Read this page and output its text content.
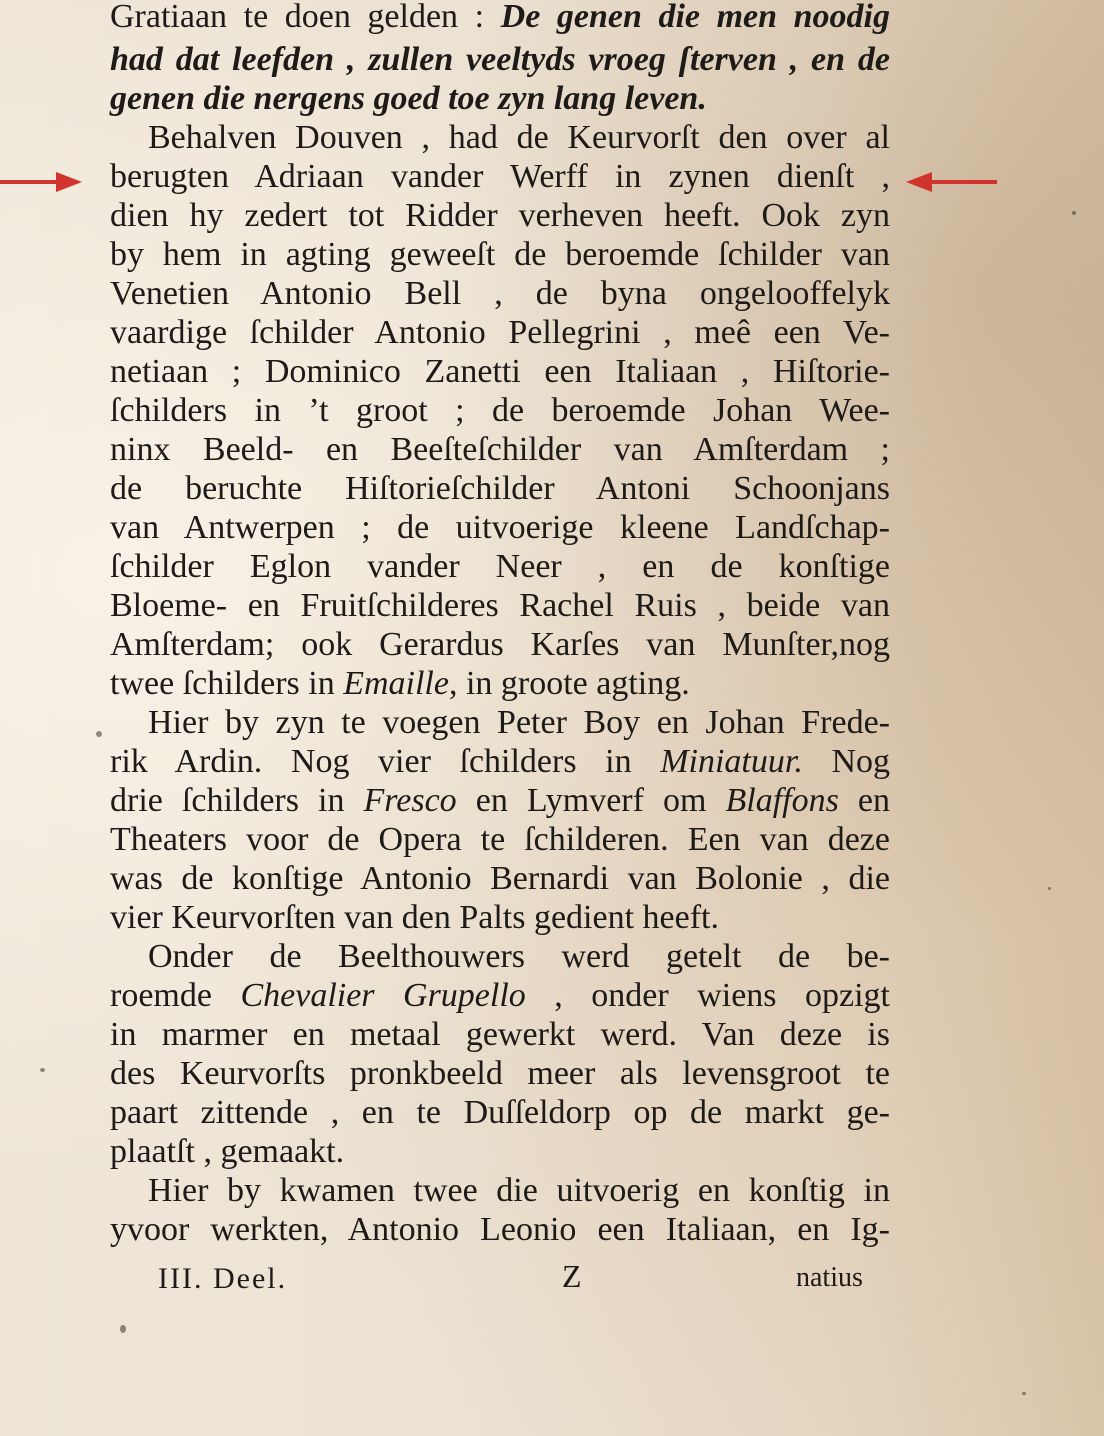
Gratiaan te doen gelden : De genen die men noodig
had dat leefden , zullen veeltyds vroeg ſterven , en de
genen die nergens goed toe zyn lang leven.
Behalven Douven , had de Keurvorſt den over al
berugten Adriaan vander Werff in zynen dienſt ,
dien hy zedert tot Ridder verheven heeft. Ook zyn
by hem in agting geweeſt de beroemde ſchilder van
Venetien Antonio Bell , de byna ongelooffelyk
vaardige ſchilder Antonio Pellegrini , meê een Ve-
netiaan ; Dominico Zanetti een Italiaan , Hiſtorie-
ſchilders in ’t groot ; de beroemde Johan Wee-
ninx Beeld- en Beeſteſchilder van Amſterdam ;
de beruchte Hiſtorieſchilder Antoni Schoonjans
van Antwerpen ; de uitvoerige kleene Landſchap-
ſchilder Eglon vander Neer , en de konſtige
Bloeme- en Fruitſchilderes Rachel Ruis , beide van
Amſterdam; ook Gerardus Karſes van Munſter,nog
twee ſchilders in Emaille, in groote agting.
Hier by zyn te voegen Peter Boy en Johan Frede-
rik Ardin. Nog vier ſchilders in Miniatuur. Nog
drie ſchilders in Fresco en Lymverf om Blaffons en
Theaters voor de Opera te ſchilderen. Een van deze
was de konſtige Antonio Bernardi van Bolonie , die
vier Keurvorſten van den Palts gedient heeft.
Onder de Beelthouwers werd getelt de be-
roemde Chevalier Grupello , onder wiens opzigt
in marmer en metaal gewerkt werd. Van deze is
des Keurvorſts pronkbeeld meer als levensgroot te
paart zittende , en te Duſſeldorp op de markt ge-
plaatſt , gemaakt.
Hier by kwamen twee die uitvoerig en konſtig in
yvoor werkten, Antonio Leonio een Italiaan, en Ig-
III. Deel.	Z	natius
